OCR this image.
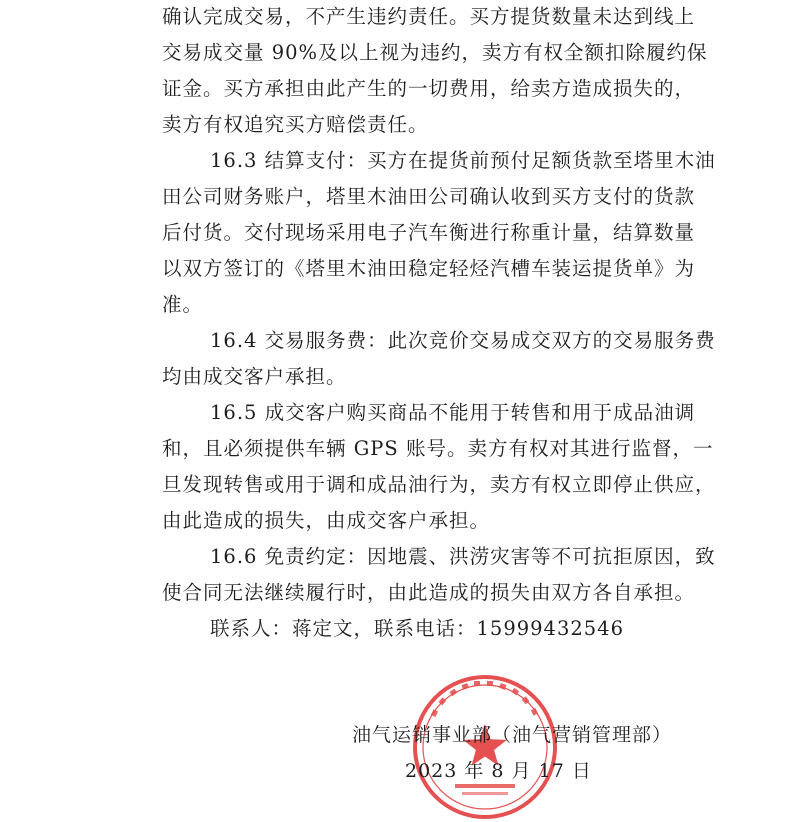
确认完成交易，不产生违约责任。买方提货数量未达到线上
交易成交量 90%及以上视为违约，卖方有权全额扣除履约保
证金。买方承担由此产生的一切费用，给卖方造成损失的，
卖方有权追究买方赔偿责任。
16.3 结算支付：买方在提货前预付足额货款至塔里木油
田公司财务账户，塔里木油田公司确认收到买方支付的货款
后付货。交付现场采用电子汽车衡进行称重计量，结算数量
以双方签订的《塔里木油田稳定轻烃汽槽车装运提货单》为
准。
16.4 交易服务费：此次竞价交易成交双方的交易服务费
均由成交客户承担。
16.5 成交客户购买商品不能用于转售和用于成品油调
和，且必须提供车辆 GPS 账号。卖方有权对其进行监督，一
旦发现转售或用于调和成品油行为，卖方有权立即停止供应，
由此造成的损失，由成交客户承担。
16.6 免责约定：因地震、洪涝灾害等不可抗拒原因，致
使合同无法继续履行时，由此造成的损失由双方各自承担。
联系人：蒋定文，联系电话：15999432546
油气运销事业部（油气营销管理部）
2023 年 8 月 17 日
